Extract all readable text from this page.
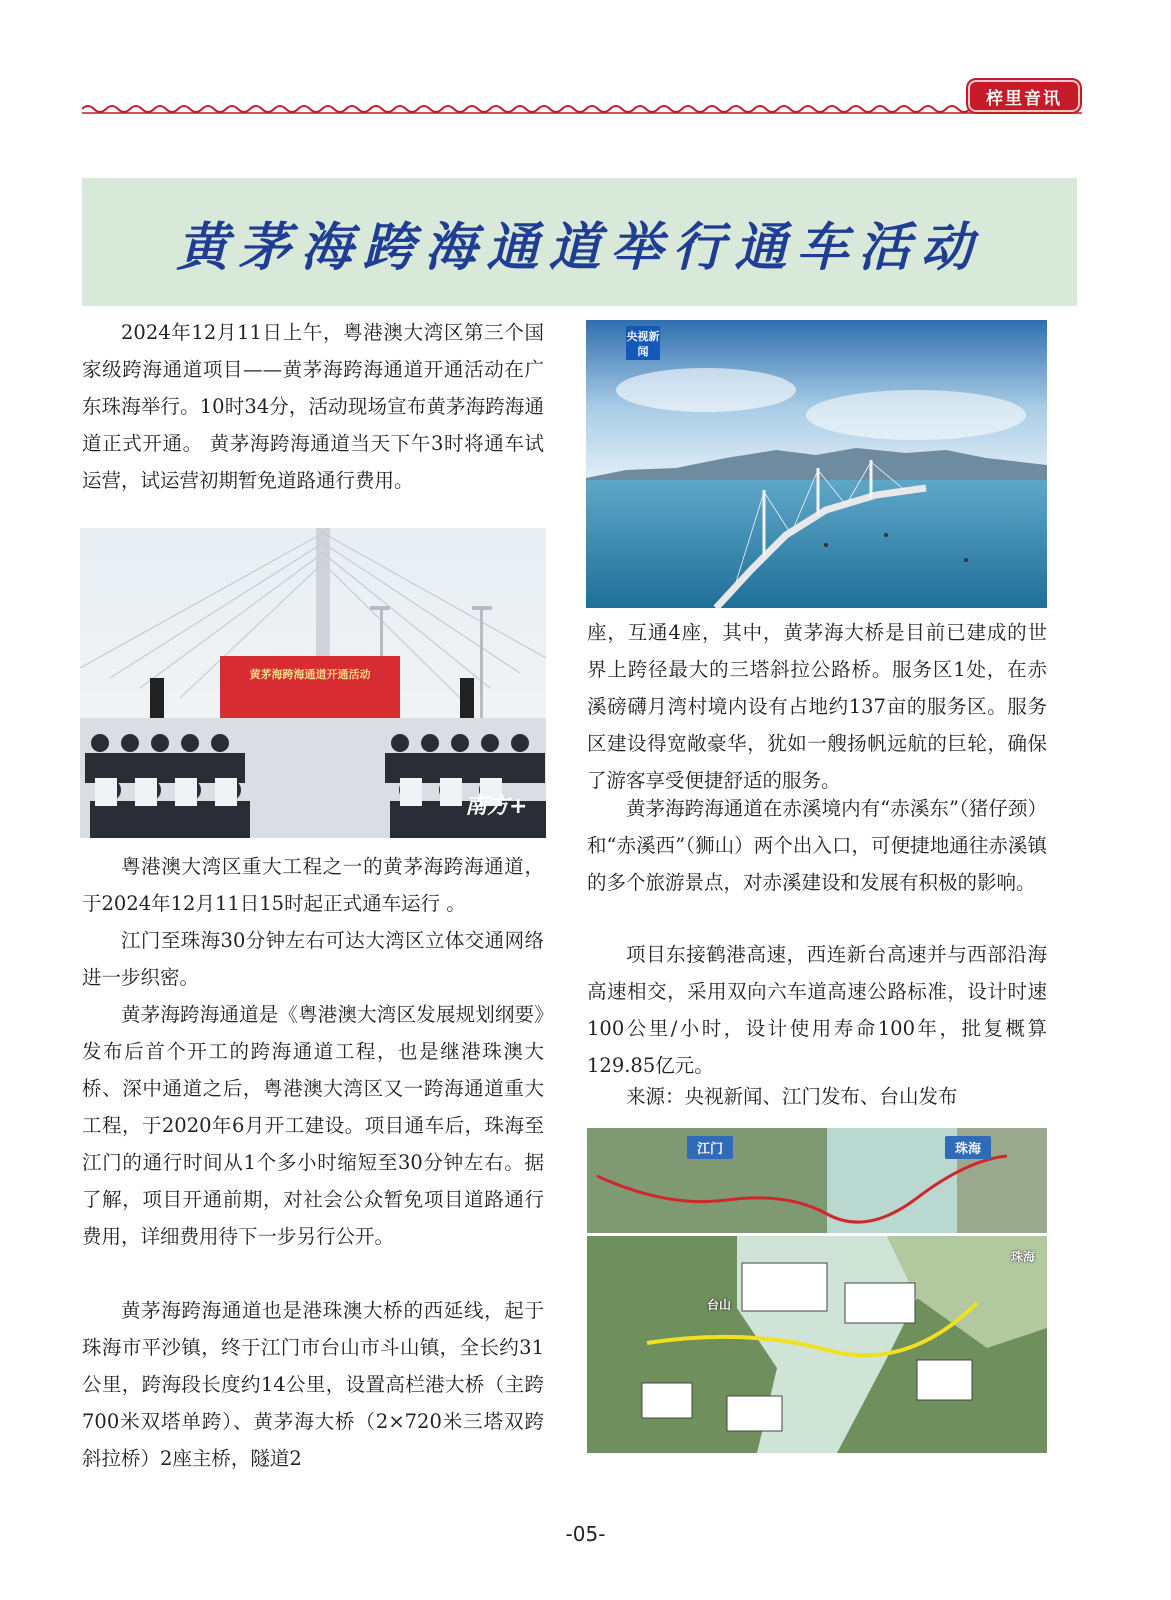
梓里音讯
黄茅海跨海通道举行通车活动

2024年12月11日上午，粤港澳大湾区第三个国家级跨海通道项目——黄茅海跨海通道开通活动在广东珠海举行。10时34分，活动现场宣布黄茅海跨海通道正式开通。 黄茅海跨海通道当天下午3时将通车试运营，试运营初期暂免道路通行费用。

黄茅海跨海通道开通活动
南方+

粤港澳大湾区重大工程之一的黄茅海跨海通道，于2024年12月11日15时起正式通车运行 。

江门至珠海30分钟左右可达大湾区立体交通网络进一步织密。

黄茅海跨海通道是《粤港澳大湾区发展规划纲要》发布后首个开工的跨海通道工程，也是继港珠澳大桥、深中通道之后，粤港澳大湾区又一跨海通道重大工程，于2020年6月开工建设。项目通车后，珠海至江门的通行时间从1个多小时缩短至30分钟左右。据了解，项目开通前期，对社会公众暂免项目道路通行费用，详细费用待下一步另行公开。

黄茅海跨海通道也是港珠澳大桥的西延线，起于珠海市平沙镇，终于江门市台山市斗山镇，全长约31公里，跨海段长度约14公里，设置高栏港大桥（主跨700米双塔单跨）、黄茅海大桥（2×720米三塔双跨斜拉桥）2座主桥，隧道2

央视新闻

座，互通4座，其中，黄茅海大桥是目前已建成的世界上跨径最大的三塔斜拉公路桥。服务区1处，在赤溪磅礴月湾村境内设有占地约137亩的服务区。服务区建设得宽敞豪华，犹如一艘扬帆远航的巨轮，确保了游客享受便捷舒适的服务。

黄茅海跨海通道在赤溪境内有“赤溪东”（猪仔颈）和“赤溪西”（狮山）两个出入口，可便捷地通往赤溪镇的多个旅游景点，对赤溪建设和发展有积极的影响。

项目东接鹤港高速，西连新台高速并与西部沿海高速相交，采用双向六车道高速公路标准，设计时速100公里/小时，设计使用寿命100年，批复概算129.85亿元。

来源：央视新闻、江门发布、台山发布

江门	珠海
台山
珠海
-05-
